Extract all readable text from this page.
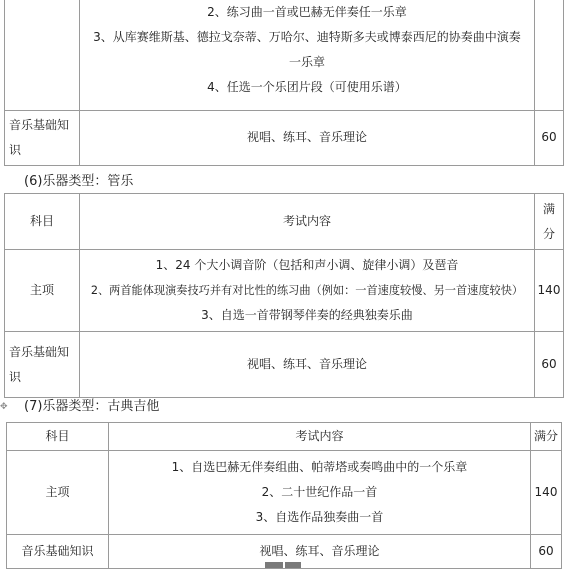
	2、练习曲一首或巴赫无伴奏任一乐章
3、从库赛维斯基、德拉戈奈蒂、万哈尔、迪特斯多夫或博泰西尼的协奏曲中演奏一乐章
4、任选一个乐团片段（可使用乐谱）	

音乐基础知识	视唱、练耳、音乐理论	60
(6)乐器类型：管乐
科目	考试内容	满分
主项	1、24 个大小调音阶（包括和声小调、旋律小调）及琶音
2、两首能体现演奏技巧并有对比性的练习曲（例如：一首速度较慢、另一首速度较快）
3、自选一首带钢琴伴奏的经典独奏乐曲	140

音乐基础知识	视唱、练耳、音乐理论	60
✥ (7)乐器类型：古典吉他
科目	考试内容	满分
主项	1、自选巴赫无伴奏组曲、帕蒂塔或奏鸣曲中的一个乐章
2、二十世纪作品一首
3、自选作品独奏曲一首	140
音乐基础知识	视唱、练耳、音乐理论	60
